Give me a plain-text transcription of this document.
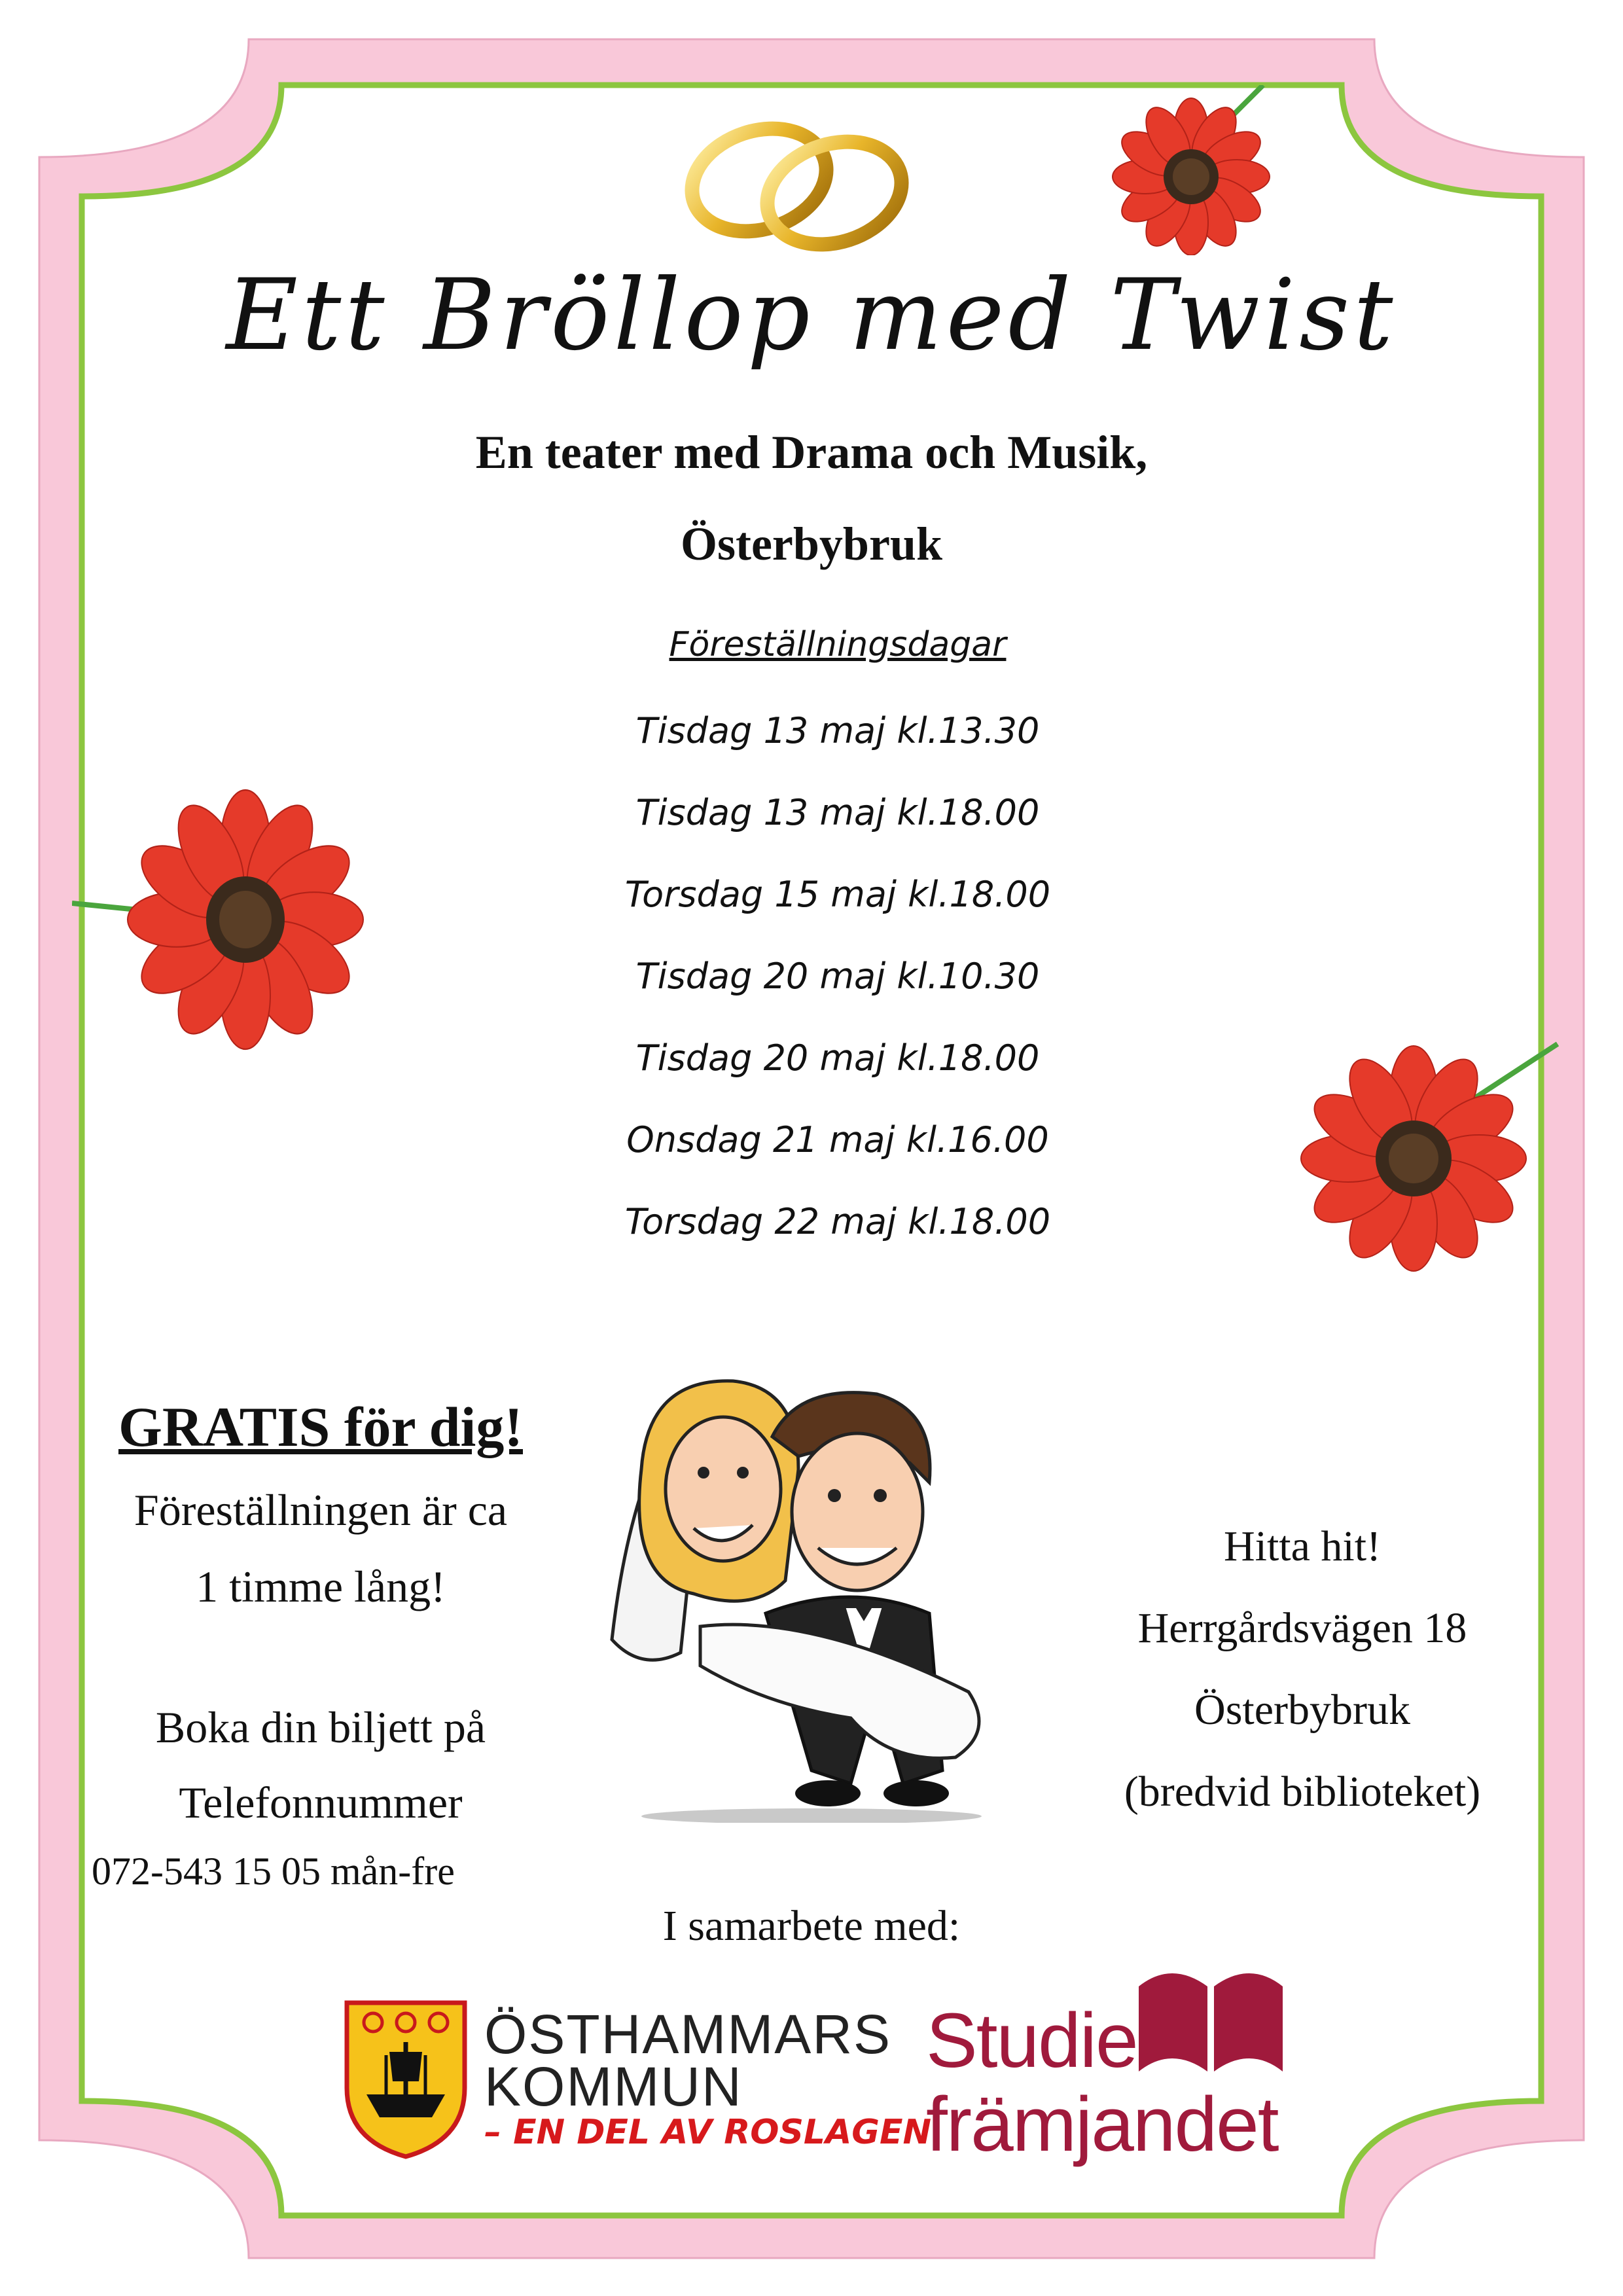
Ett Bröllop med Twist
En teater med Drama och Musik,
Österbybruk
Föreställningsdagar
Tisdag 13 maj kl.13.30
Tisdag 13 maj kl.18.00
Torsdag 15 maj kl.18.00
Tisdag 20 maj kl.10.30
Tisdag 20 maj kl.18.00
Onsdag 21 maj kl.16.00
Torsdag 22 maj kl.18.00
GRATIS för dig!
Föreställningen är ca
1 timme lång!
Boka din biljett på
Telefonnummer
072-543 15 05 mån-fre
Hitta hit!
Herrgårdsvägen 18
Österbybruk
(bredvid biblioteket)
I samarbete med:
ÖSTHAMMARS
KOMMUN
– EN DEL AV ROSLAGEN
Studie
främjandet
